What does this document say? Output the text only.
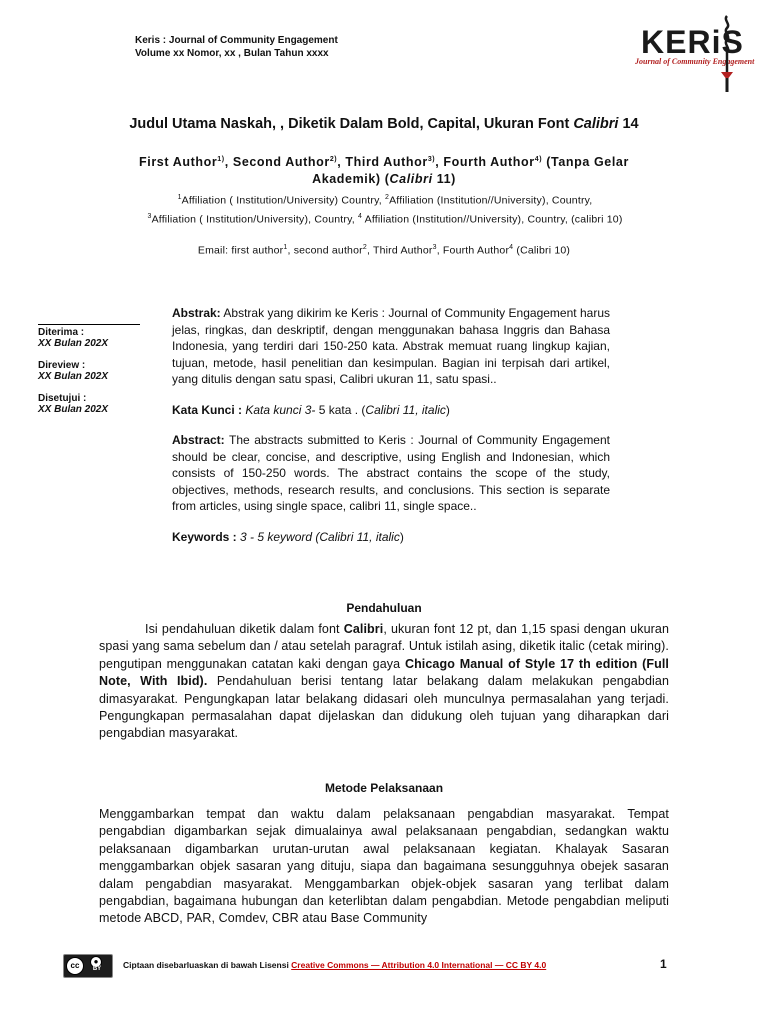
Keris : Journal of Community Engagement
Volume xx Nomor, xx , Bulan Tahun xxxx	KERiS
Journal of Community Engagement
Judul Utama Naskah, , Diketik Dalam Bold, Capital, Ukuran Font Calibri 14
First Author$^{1)}$, Second Author$^{2)}$, Third Author$^{3)}$, Fourth Author$^{4)}$ (Tanpa Gelar Akademik) (Calibri 11)
$^1$Affiliation ( Institution/University) Country, $^2$Affiliation (Institution//University), Country,
$^3$Affiliation ( Institution/University), Country, $^4$ Affiliation (Institution//University), Country, (calibri 10)
Email: first author$^1$, second author$^2$, Third Author$^3$, Fourth Author$^4$ (Calibri 10)
Diterima :
XX Bulan 202X
Direview :
XX Bulan 202X
Disetujui :
XX Bulan 202X

Abstrak: Abstrak yang dikirim ke Keris : Journal of Community Engagement harus jelas, ringkas, dan deskriptif, dengan menggunakan bahasa Inggris dan Bahasa Indonesia, yang terdiri dari 150-250 kata. Abstrak memuat ruang lingkup kajian, tujuan, metode, hasil penelitian dan kesimpulan. Bagian ini terpisah dari artikel, yang ditulis dengan satu spasi, Calibri ukuran 11, satu spasi..

Kata Kunci : Kata kunci 3- 5 kata . (Calibri 11, italic)

Abstract: The abstracts submitted to Keris : Journal of Community Engagement should be clear, concise, and descriptive, using English and Indonesian, which consists of 150-250 words. The abstract contains the scope of the study, objectives, methods, research results, and conclusions. This section is separate from articles, using single space, calibri 11, single space..

Keywords : 3 - 5 keyword (Calibri 11, italic)

Pendahuluan

Isi pendahuluan diketik dalam font Calibri, ukuran font 12 pt, dan 1,15 spasi dengan ukuran spasi yang sama sebelum dan / atau setelah paragraf. Untuk istilah asing, diketik italic (cetak miring). pengutipan menggunakan catatan kaki dengan gaya Chicago Manual of Style 17 th edition (Full Note, With Ibid). Pendahuluan berisi tentang latar belakang dalam melakukan pengabdian dimasyarakat. Pengungkapan latar belakang didasari oleh munculnya permasalahan yang terjadi. Pengungkapan permasalahan dapat dijelaskan dan didukung oleh tujuan yang diharapkan dari pengabdian masyarakat.

Metode Pelaksanaan

Menggambarkan tempat dan waktu dalam pelaksanaan pengabdian masyarakat. Tempat pengabdian digambarkan sejak dimualainya awal pelaksanaan pengabdian, sedangkan waktu pelaksanaan digambarkan urutan-urutan awal pelaksanaan kegiatan. Khalayak Sasaran menggambarkan objek sasaran yang dituju, siapa dan bagaimana sesungguhnya obejek sasaran dalam pengabdian masyarakat. Menggambarkan objek-objek sasaran yang terlibat dalam pengabdian, bagaimana hubungan dan keterlibtan dalam pengabdian. Metode pengabdian meliputi metode ABCD, PAR, Comdev, CBR atau Base Community

cc	●
BY	Ciptaan disebarluaskan di bawah Lisensi Creative Commons — Attribution 4.0 International — CC BY 4.0	1
